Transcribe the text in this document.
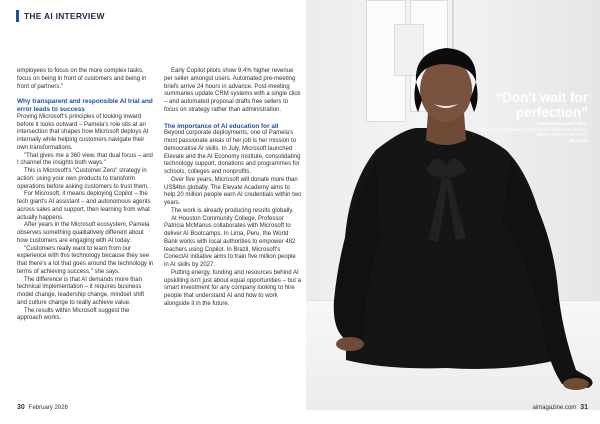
THE AI INTERVIEW

employees to focus on the more complex tasks, focus on being in front of customers and being in front of partners."

Why transparent and responsible AI trial and error leads to success

Proving Microsoft's principles of looking inward before it looks outward – Pamela's role sits at an intersection that shapes how Microsoft deploys AI internally while helping customers navigate their own transformations.

"That gives me a 360 view, that dual focus – and I channel the insights both ways."

This is Microsoft's "Customer Zero" strategy in action: using your own products to transform operations before asking customers to trust them.

For Microsoft, it means deploying Copilot – the tech giant's AI assistant – and autonomous agents across sales and support, then learning from what actually happens.

After years in the Microsoft ecosystem, Pamela observes something qualitatively different about how customers are engaging with AI today.

"Customers really want to learn from our experience with this technology because they see that there's a lot that goes around the technology in terms of achieving success," she says.

The difference is that AI demands more than technical implementation – it requires business model change, leadership change, mindset shift and culture change to really achieve value.

The results within Microsoft suggest the approach works.

Early Copilot pilots show 9.4% higher revenue per seller amongst users. Automated pre-meeting briefs arrive 24 hours in advance. Post-meeting summaries update CRM systems with a single click – and automated proposal drafts free sellers to focus on strategy rather than administration.

The importance of AI education for all

Beyond corporate deployments, one of Pamela's most passionate areas of her job is her mission to democratise AI skills. In July, Microsoft launched Elevate and the AI Economy Institute, consolidating technology support, donations and programmes for schools, colleges and nonprofits.

Over five years, Microsoft will donate more than US$4bn globally. The Elevate Academy aims to help 20 million people earn AI credentials within two years.

The work is already producing results globally.

At Houston Community College, Professor Patricia McManus collaborates with Microsoft to deliver AI Bootcamps. In Lima, Peru, the World Bank works with local authorities to empower 482 teachers using Copilot. In Brazil, Microsoft's ConectAI initiative aims to train five million people in AI skills by 2027.

Putting energy, funding and resources behind AI upskilling isn't just about equal opportunities – but a smart investment for any company looking to hire people that understand AI and how to work alongside it in the future.

“Don't wait for perfection”
Pamela Maynard OBE,
Chief AI Transformation Officer for Microsoft Customer and Partner Solutions (MCAPS),
Microsoft
30 February 2026	aimagazine.com 31
